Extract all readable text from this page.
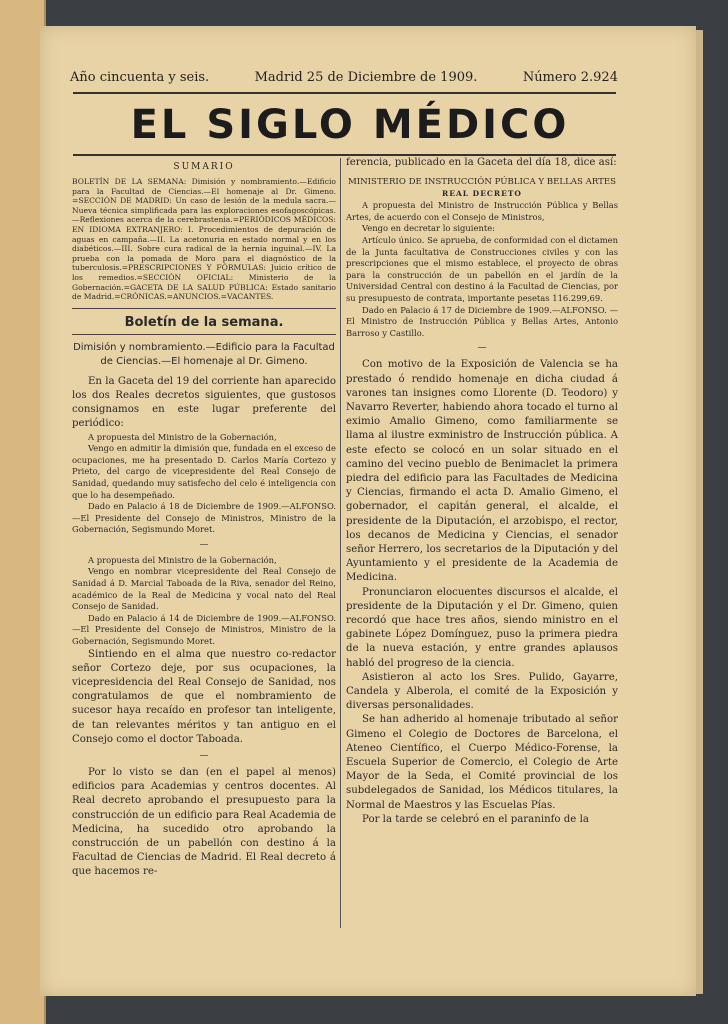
Año cincuenta y seis.	Madrid 25 de Diciembre de 1909.	Número 2.924
EL SIGLO MÉDICO
SUMARIO
BOLETÍN DE LA SEMANA: Dimisión y nombramiento.—Edificio para la Facultad de Ciencias.—El homenaje al Dr. Gimeno. =SECCIÓN DE MADRID: Un caso de lesión de la medula sacra.—Nueva técnica simplificada para las exploraciones esofagoscópicas.—Reflexiones acerca de la cerebrastenia.=PERIÓDICOS MÉDICOS: EN IDIOMA EXTRANJERO: I. Procedimientos de depuración de aguas en campaña.—II. La acetonuria en estado normal y en los diabéticos.—III. Sobre cura radical de la hernia inguinal.—IV. La prueba con la pomada de Moro para el diagnóstico de la tuberculosis.=PRESCRIPCIONES Y FÓRMULAS: Juicio crítico de los remedios.=SECCIÓN OFICIAL: Ministerio de la Gobernación.=GACETA DE LA SALUD PÚBLICA: Estado sanitario de Madrid.=CRÓNICAS.=ANUNCIOS.=VACANTES.
Boletín de la semana.
Dimisión y nombramiento.—Edificio para la Facultad de Ciencias.—El homenaje al Dr. Gimeno.

En la Gaceta del 19 del corriente han aparecido los dos Reales decretos siguientes, que gustosos consignamos en este lugar preferente del periódico:

A propuesta del Ministro de la Gobernación,

Vengo en admitir la dimisión que, fundada en el exceso de ocupaciones, me ha presentado D. Carlos María Cortezo y Prieto, del cargo de vicepresidente del Real Consejo de Sanidad, quedando muy satisfecho del celo é inteligencia con que lo ha desempeñado.

Dado en Palacio á 18 de Diciembre de 1909.—ALFONSO. —El Presidente del Consejo de Ministros, Ministro de la Gobernación, Segismundo Moret.

—

A propuesta del Ministro de la Gobernación,

Vengo en nombrar vicepresidente del Real Consejo de Sanidad á D. Marcial Taboada de la Riva, senador del Reino, académico de la Real de Medicina y vocal nato del Real Consejo de Sanidad.

Dado en Palacio á 14 de Diciembre de 1909.—ALFONSO. —El Presidente del Consejo de Ministros, Ministro de la Gobernación, Segismundo Moret.

Sintiendo en el alma que nuestro co-redactor señor Cortezo deje, por sus ocupaciones, la vicepresidencia del Real Consejo de Sanidad, nos congratulamos de que el nombramiento de sucesor haya recaído en profesor tan inteligente, de tan relevantes méritos y tan antiguo en el Consejo como el doctor Taboada.

—

Por lo visto se dan (en el papel al menos) edificios para Academias y centros docentes. Al Real decreto aprobando el presupuesto para la construcción de un edificio para Real Academia de Medicina, ha sucedido otro aprobando la construcción de un pabellón con destino á la Facultad de Ciencias de Madrid. El Real decreto á que hacemos re-

ferencia, publicado en la Gaceta del día 18, dice así:

MINISTERIO DE INSTRUCCIÓN PÚBLICA Y BELLAS ARTES
REAL DECRETO

A propuesta del Ministro de Instrucción Pública y Bellas Artes, de acuerdo con el Consejo de Ministros,

Vengo en decretar lo siguiente:

Artículo único. Se aprueba, de conformidad con el dictamen de la Junta facultativa de Construcciones civiles y con las prescripciones que el mismo establece, el proyecto de obras para la construcción de un pabellón en el jardín de la Universidad Central con destino á la Facultad de Ciencias, por su presupuesto de contrata, importante pesetas 116.299,69.

Dado en Palacio á 17 de Diciembre de 1909.—ALFONSO. —El Ministro de Instrucción Pública y Bellas Artes, Antonio Barroso y Castillo.

—

Con motivo de la Exposición de Valencia se ha prestado ó rendido homenaje en dicha ciudad á varones tan insignes como Llorente (D. Teodoro) y Navarro Reverter, habiendo ahora tocado el turno al eximio Amalio Gimeno, como familiarmente se llama al ilustre exministro de Instrucción pública. A este efecto se colocó en un solar situado en el camino del vecino pueblo de Benimaclet la primera piedra del edificio para las Facultades de Medicina y Ciencias, firmando el acta D. Amalio Gimeno, el gobernador, el capitán general, el alcalde, el presidente de la Diputación, el arzobispo, el rector, los decanos de Medicina y Ciencias, el senador señor Herrero, los secretarios de la Diputación y del Ayuntamiento y el presidente de la Academia de Medicina.

Pronunciaron elocuentes discursos el alcalde, el presidente de la Diputación y el Dr. Gimeno, quien recordó que hace tres años, siendo ministro en el gabinete López Domínguez, puso la primera piedra de la nueva estación, y entre grandes aplausos habló del progreso de la ciencia.

Asistieron al acto los Sres. Pulido, Gayarre, Candela y Alberola, el comité de la Exposición y diversas personalidades.

Se han adherido al homenaje tributado al señor Gimeno el Colegio de Doctores de Barcelona, el Ateneo Científico, el Cuerpo Médico-Forense, la Escuela Superior de Comercio, el Colegio de Arte Mayor de la Seda, el Comité provincial de los subdelegados de Sanidad, los Médicos titulares, la Normal de Maestros y las Escuelas Pías.

Por la tarde se celebró en el paraninfo de la
